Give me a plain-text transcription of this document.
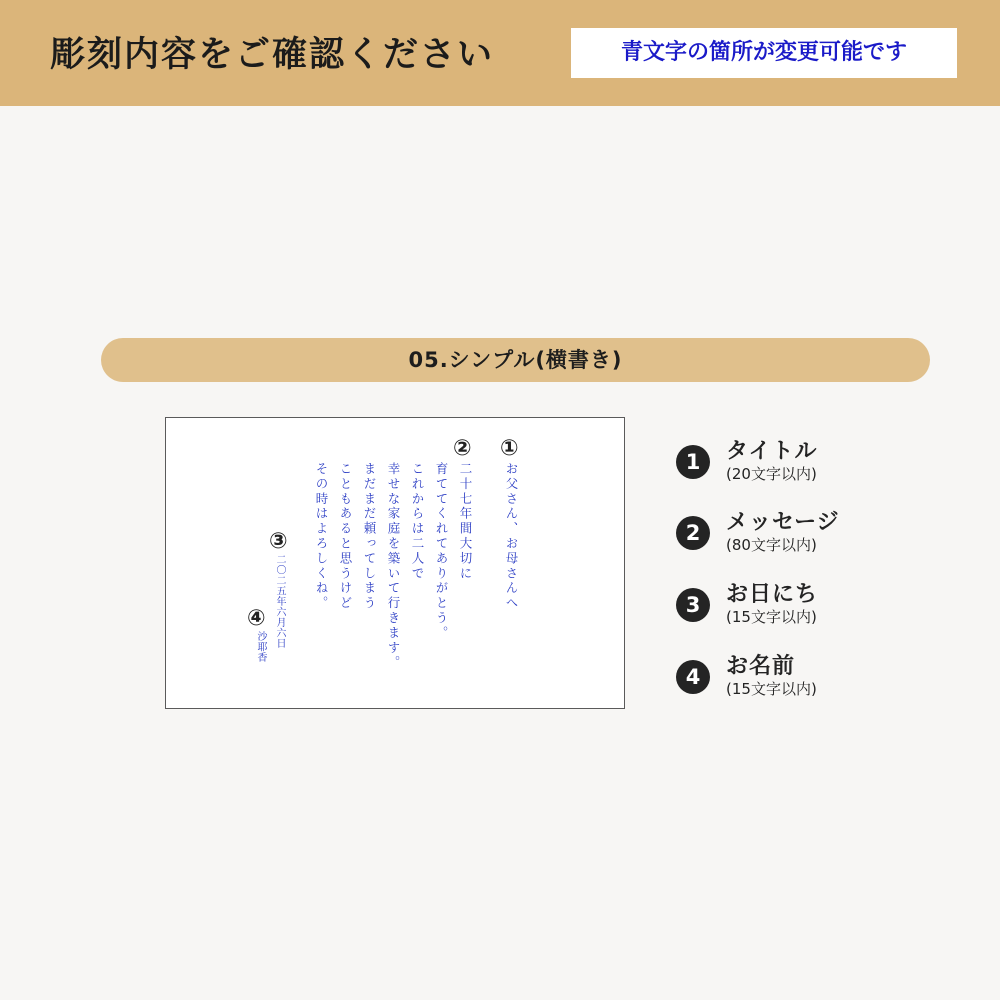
彫刻内容をご確認ください	青文字の箇所が変更可能です
05.シンプル(横書き)
①
②
③
④
お父さん、お母さんへ
二十七年間大切に
育ててくれてありがとう。
これからは二人で
幸せな家庭を築いて行きます。
まだまだ頼ってしまう
こともあると思うけど
その時はよろしくね。
二〇二五年六月六日
沙耶香
1	タイトル
(20文字以内)
2	メッセージ
(80文字以内)
3	お日にち
(15文字以内)
4	お名前
(15文字以内)
